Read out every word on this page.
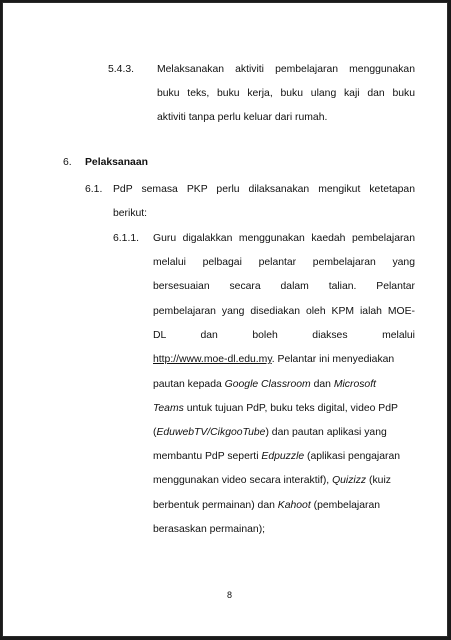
5.4.3. Melaksanakan aktiviti pembelajaran menggunakan

buku teks, buku kerja, buku ulang kaji dan buku

aktiviti tanpa perlu keluar dari rumah.

6. Pelaksanaan

6.1. PdP semasa PKP perlu dilaksanakan mengikut ketetapan

berikut:

6.1.1. Guru digalakkan menggunakan kaedah pembelajaran

melalui pelbagai pelantar pembelajaran yang

bersesuaian secara dalam talian. Pelantar

pembelajaran yang disediakan oleh KPM ialah MOE-

DL dan boleh diakses melalui

http://www.moe-dl.edu.my. Pelantar ini menyediakan

pautan kepada Google Classroom dan Microsoft

Teams untuk tujuan PdP, buku teks digital, video PdP

(EduwebTV/CikgooTube) dan pautan aplikasi yang

membantu PdP seperti Edpuzzle (aplikasi pengajaran

menggunakan video secara interaktif), Quizizz (kuiz

berbentuk permainan) dan Kahoot (pembelajaran

berasaskan permainan);

8
